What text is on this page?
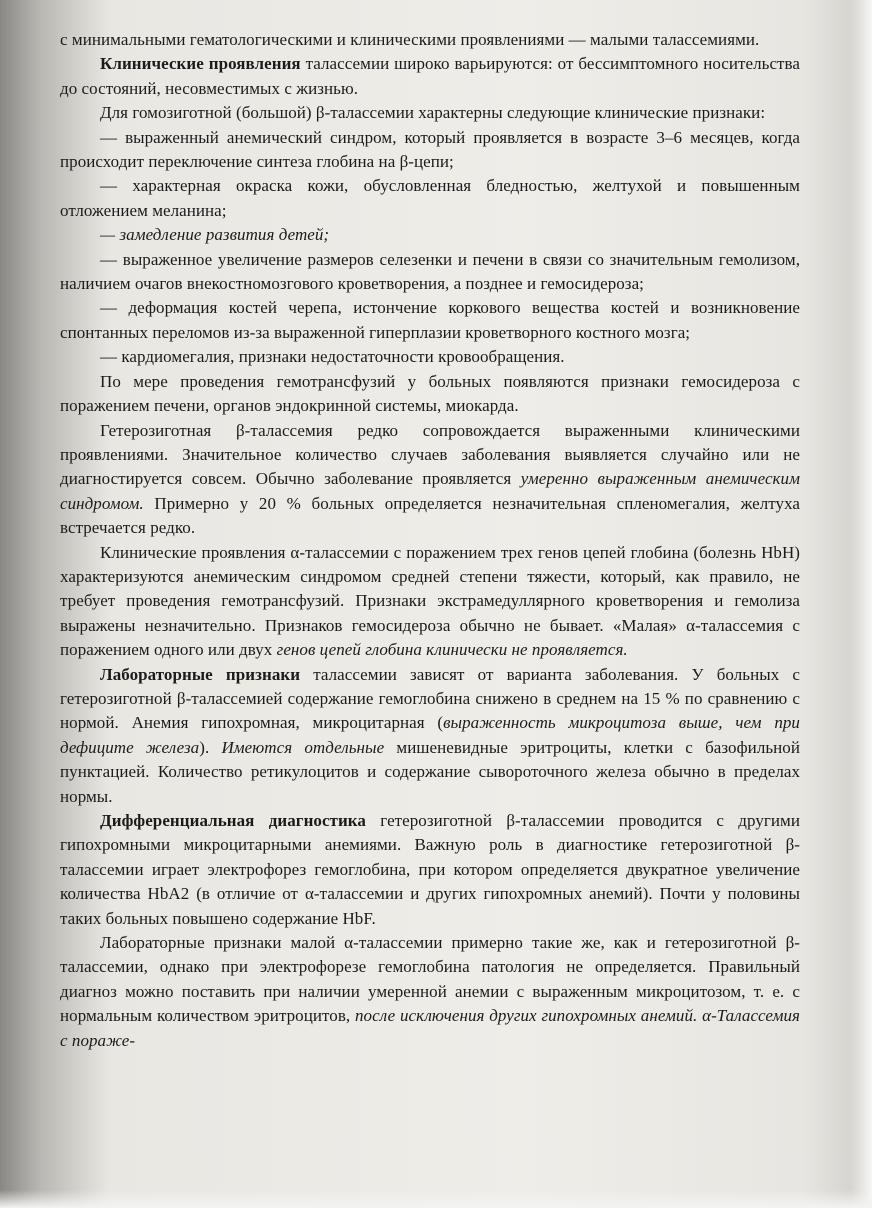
с минимальными гематологическими и клиническими проявлениями — малыми талассемиями.

Клинические проявления талассемии широко варьируются: от бессимптомного носительства до состояний, несовместимых с жизнью.

Для гомозиготной (большой) β-талассемии характерны следующие клинические признаки:

— выраженный анемический синдром, который проявляется в возрасте 3–6 месяцев, когда происходит переключение синтеза глобина на β-цепи;

— характерная окраска кожи, обусловленная бледностью, желтухой и повышенным отложением меланина;

— замедление развития детей;

— выраженное увеличение размеров селезенки и печени в связи со значительным гемолизом, наличием очагов внекостномозгового кроветворения, а позднее и гемосидероза;

— деформация костей черепа, истончение коркового вещества костей и возникновение спонтанных переломов из-за выраженной гиперплазии кроветворного костного мозга;

— кардиомегалия, признаки недостаточности кровообращения.

По мере проведения гемотрансфузий у больных появляются признаки гемосидероза с поражением печени, органов эндокринной системы, миокарда.

Гетерозиготная β-талассемия редко сопровождается выраженными клиническими проявлениями. Значительное количество случаев заболевания выявляется случайно или не диагностируется совсем. Обычно заболевание проявляется умеренно выраженным анемическим синдромом. Примерно у 20 % больных определяется незначительная спленомегалия, желтуха встречается редко.

Клинические проявления α-талассемии с поражением трех генов цепей глобина (болезнь HbH) характеризуются анемическим синдромом средней степени тяжести, который, как правило, не требует проведения гемотрансфузий. Признаки экстрамедуллярного кроветворения и гемолиза выражены незначительно. Признаков гемосидероза обычно не бывает. «Малая» α-талассемия с поражением одного или двух генов цепей глобина клинически не проявляется.

Лабораторные признаки талассемии зависят от варианта заболевания. У больных с гетерозиготной β-талассемией содержание гемоглобина снижено в среднем на 15 % по сравнению с нормой. Анемия гипохромная, микроцитарная (выраженность микроцитоза выше, чем при дефиците железа). Имеются отдельные мишеневидные эритроциты, клетки с базофильной пунктацией. Количество ретикулоцитов и содержание сывороточного железа обычно в пределах нормы.

Дифференциальная диагностика гетерозиготной β-талассемии проводится с другими гипохромными микроцитарными анемиями. Важную роль в диагностике гетерозиготной β-талассемии играет электрофорез гемоглобина, при котором определяется двукратное увеличение количества HbA2 (в отличие от α-талассемии и других гипохромных анемий). Почти у половины таких больных повышено содержание HbF.

Лабораторные признаки малой α-талассемии примерно такие же, как и гетерозиготной β-талассемии, однако при электрофорезе гемоглобина патология не определяется. Правильный диагноз можно поставить при наличии умеренной анемии с выраженным микроцитозом, т. е. с нормальным количеством эритроцитов, после исключения других гипохромных анемий. α-Талассемия с пораже-
